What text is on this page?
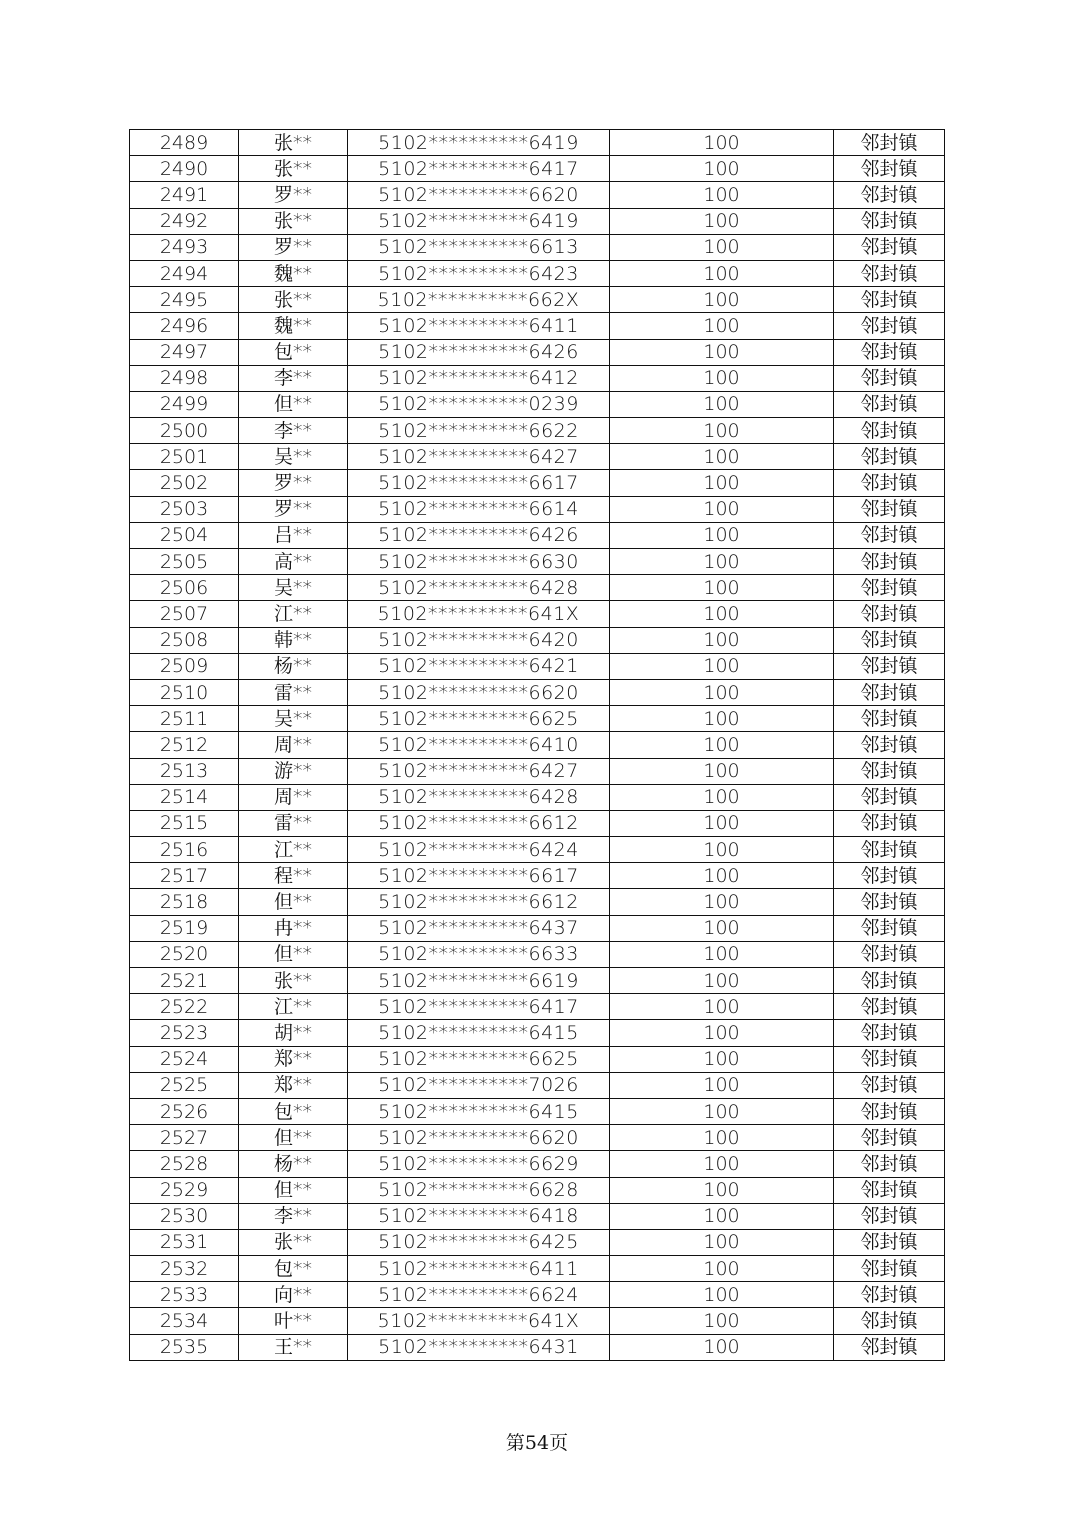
2489	张**	5102**********6419	100	邻封镇
2490	张**	5102**********6417	100	邻封镇
2491	罗**	5102**********6620	100	邻封镇
2492	张**	5102**********6419	100	邻封镇
2493	罗**	5102**********6613	100	邻封镇
2494	魏**	5102**********6423	100	邻封镇
2495	张**	5102**********662X	100	邻封镇
2496	魏**	5102**********6411	100	邻封镇
2497	包**	5102**********6426	100	邻封镇
2498	李**	5102**********6412	100	邻封镇
2499	但**	5102**********0239	100	邻封镇
2500	李**	5102**********6622	100	邻封镇
2501	吴**	5102**********6427	100	邻封镇
2502	罗**	5102**********6617	100	邻封镇
2503	罗**	5102**********6614	100	邻封镇
2504	吕**	5102**********6426	100	邻封镇
2505	高**	5102**********6630	100	邻封镇
2506	吴**	5102**********6428	100	邻封镇
2507	江**	5102**********641X	100	邻封镇
2508	韩**	5102**********6420	100	邻封镇
2509	杨**	5102**********6421	100	邻封镇
2510	雷**	5102**********6620	100	邻封镇
2511	吴**	5102**********6625	100	邻封镇
2512	周**	5102**********6410	100	邻封镇
2513	游**	5102**********6427	100	邻封镇
2514	周**	5102**********6428	100	邻封镇
2515	雷**	5102**********6612	100	邻封镇
2516	江**	5102**********6424	100	邻封镇
2517	程**	5102**********6617	100	邻封镇
2518	但**	5102**********6612	100	邻封镇
2519	冉**	5102**********6437	100	邻封镇
2520	但**	5102**********6633	100	邻封镇
2521	张**	5102**********6619	100	邻封镇
2522	江**	5102**********6417	100	邻封镇
2523	胡**	5102**********6415	100	邻封镇
2524	郑**	5102**********6625	100	邻封镇
2525	郑**	5102**********7026	100	邻封镇
2526	包**	5102**********6415	100	邻封镇
2527	但**	5102**********6620	100	邻封镇
2528	杨**	5102**********6629	100	邻封镇
2529	但**	5102**********6628	100	邻封镇
2530	李**	5102**********6418	100	邻封镇
2531	张**	5102**********6425	100	邻封镇
2532	包**	5102**********6411	100	邻封镇
2533	向**	5102**********6624	100	邻封镇
2534	叶**	5102**********641X	100	邻封镇
2535	王**	5102**********6431	100	邻封镇
第54页
